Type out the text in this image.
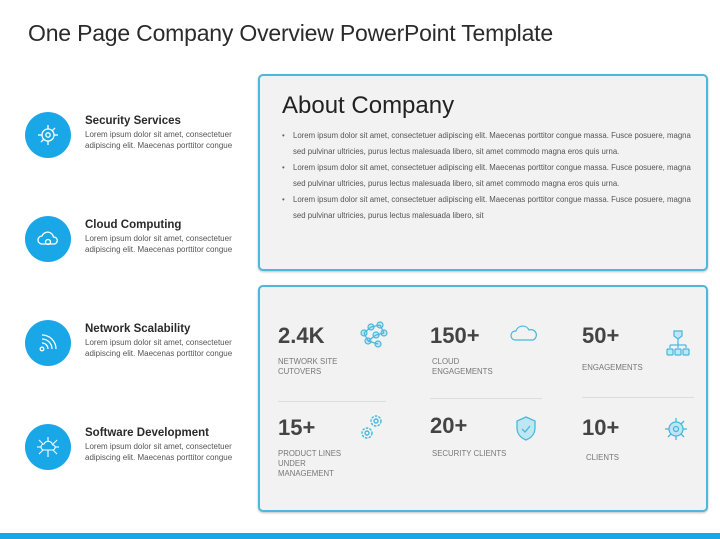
One Page Company Overview PowerPoint Template
Security Services
Lorem ipsum dolor sit amet, consectetuer adipiscing elit. Maecenas porttitor congue
Cloud Computing
Lorem ipsum dolor sit amet, consectetuer adipiscing elit. Maecenas porttitor congue
Network Scalability
Lorem ipsum dolor sit amet, consectetuer adipiscing elit. Maecenas porttitor congue
Software Development
Lorem ipsum dolor sit amet, consectetuer adipiscing elit. Maecenas porttitor congue
About Company
• Lorem ipsum dolor sit amet, consectetuer adipiscing elit. Maecenas porttitor congue massa. Fusce posuere, magna sed pulvinar ultricies, purus lectus malesuada libero, sit amet commodo magna eros quis urna.
• Lorem ipsum dolor sit amet, consectetuer adipiscing elit. Maecenas porttitor congue massa. Fusce posuere, magna sed pulvinar ultricies, purus lectus malesuada libero, sit amet commodo magna eros quis urna.
• Lorem ipsum dolor sit amet, consectetuer adipiscing elit. Maecenas porttitor congue massa. Fusce posuere, magna sed pulvinar ultricies, purus lectus malesuada libero, sit
2.4K
NETWORK SITE CUTOVERS
150+
CLOUD ENGAGEMENTS
50+
ENGAGEMENTS
15+
PRODUCT LINES UNDER MANAGEMENT
20+
SECURITY CLIENTS
10+
CLIENTS
